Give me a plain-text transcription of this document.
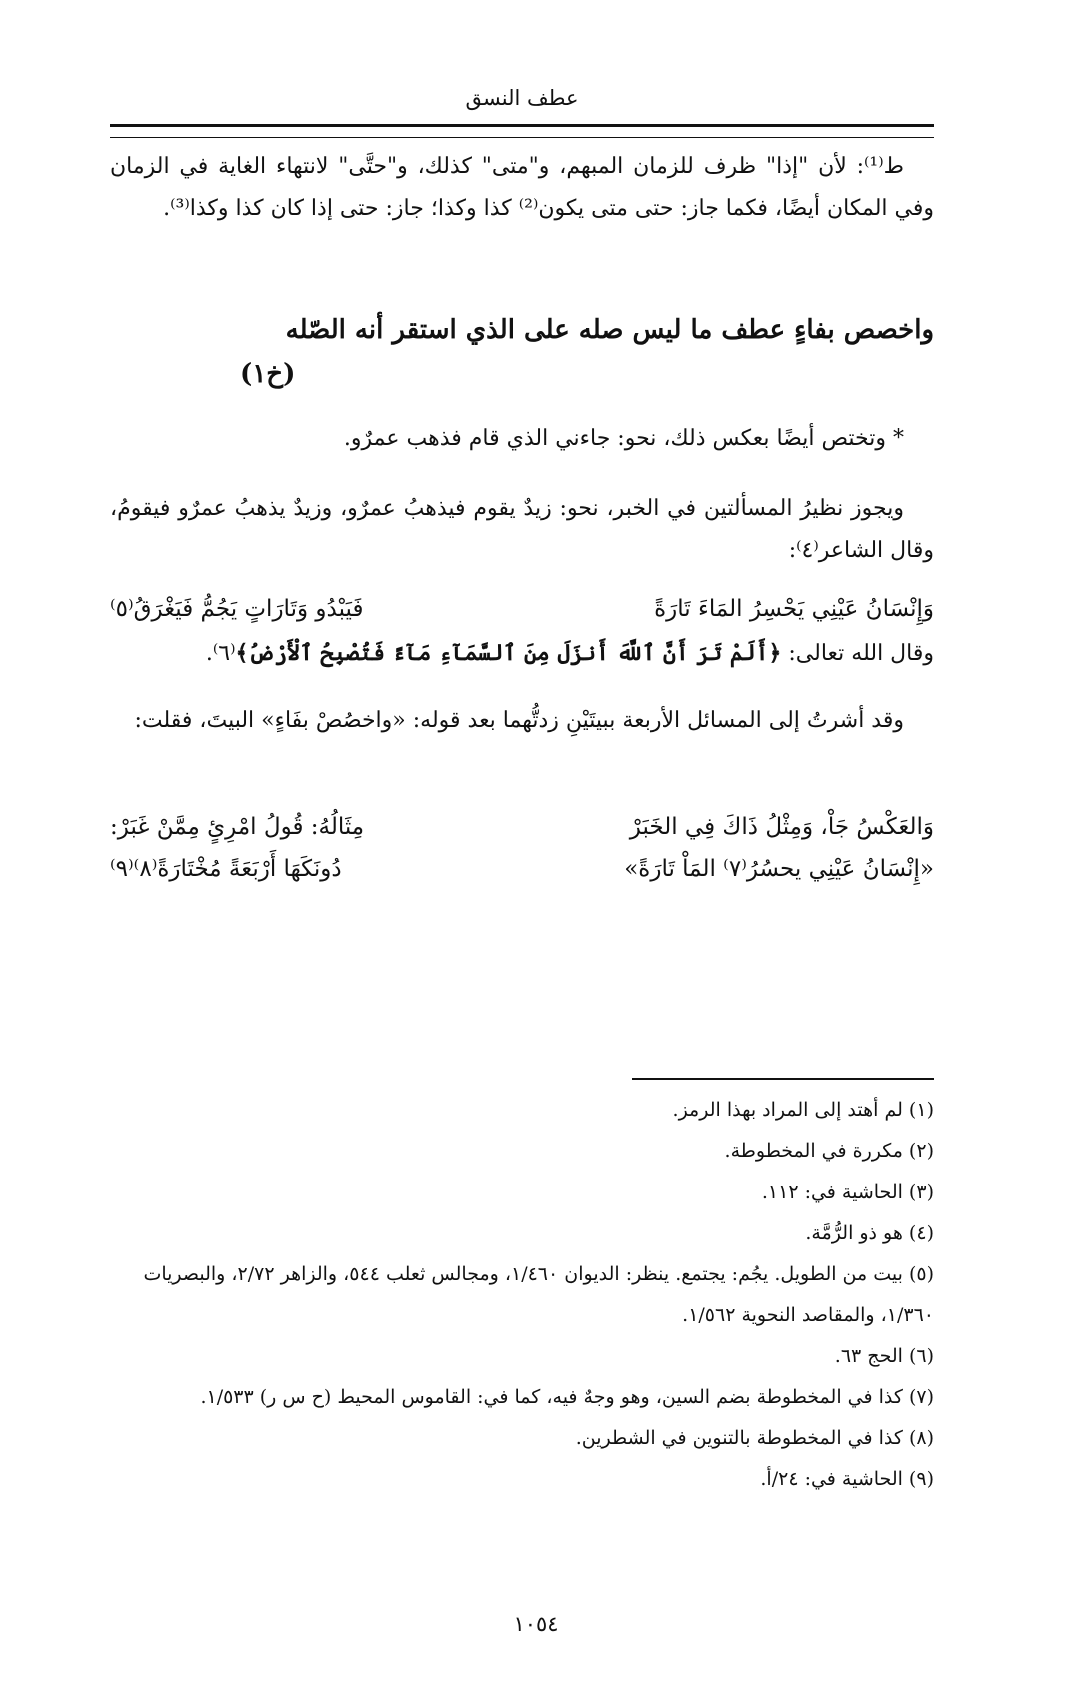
عطف النسق
ط⁽¹⁾: لأن "إذا" ظرف للزمان المبهم، و"متى" كذلك، و"حتَّى" لانتهاء الغاية في الزمان وفي المكان أيضًا، فكما جاز: حتى متى يكون⁽²⁾ كذا وكذا؛ جاز: حتى إذا كان كذا وكذا⁽³⁾.
واخصص بفاءٍ عطف ما ليس صله على الذي استقر أنه الصّله
(خ١)
* وتختص أيضًا بعكس ذلك، نحو: جاءني الذي قام فذهب عمرٌو.
ويجوز نظيرُ المسألتين في الخبر، نحو: زيدٌ يقوم فيذهبُ عمرٌو، وزيدٌ يذهبُ عمرٌو فيقومُ، وقال الشاعر⁽٤⁾:
وَإِنْسَانُ عَيْنِي يَحْسِرُ المَاءَ تَارَةً
فَيَبْدُو وَتَارَاتٍ يَجُمُّ فَيَغْرَقُ⁽٥⁾
وقال الله تعالى: ﴿أَلَمْ تَرَ أَنَّ ٱللَّهَ أَنزَلَ مِنَ ٱلسَّمَآءِ مَآءً فَتُصْبِحُ ٱلْأَرْضُ﴾⁽٦⁾.
وقد أشرتُ إلى المسائل الأربعة ببيتَيْنِ زدتُّهما بعد قوله: «واخصُصْ بفَاءٍ» البيتَ، فقلت:
وَالعَكْسُ جَاْ، وَمِثْلُ ذَاكَ فِي الخَبَرْ
مِثَالُهُ: قُولُ امْرِئٍ مِمَّنْ غَبَرْ:
«إِنْسَانُ عَيْنِي يحسُرُ⁽٧⁾ المَاْ تَارَةً»
دُونَكَهَا أَرْبَعَةً مُخْتَارَةً⁽٨⁾⁽٩⁾

(١) لم أهتد إلى المراد بهذا الرمز.

(٢) مكررة في المخطوطة.

(٣) الحاشية في: ١١٢.

(٤) هو ذو الرُّمَّة.

(٥) بيت من الطويل. يجُم: يجتمع. ينظر: الديوان ١/٤٦٠، ومجالس ثعلب ٥٤٤، والزاهر ٢/٧٢، والبصريات ١/٣٦٠، والمقاصد النحوية ١/٥٦٢.

(٦) الحج ٦٣.

(٧) كذا في المخطوطة بضم السين، وهو وجهٌ فيه، كما في: القاموس المحيط (ح س ر) ١/٥٣٣.

(٨) كذا في المخطوطة بالتنوين في الشطرين.

(٩) الحاشية في: ٢٤/أ.

١٠٥٤
